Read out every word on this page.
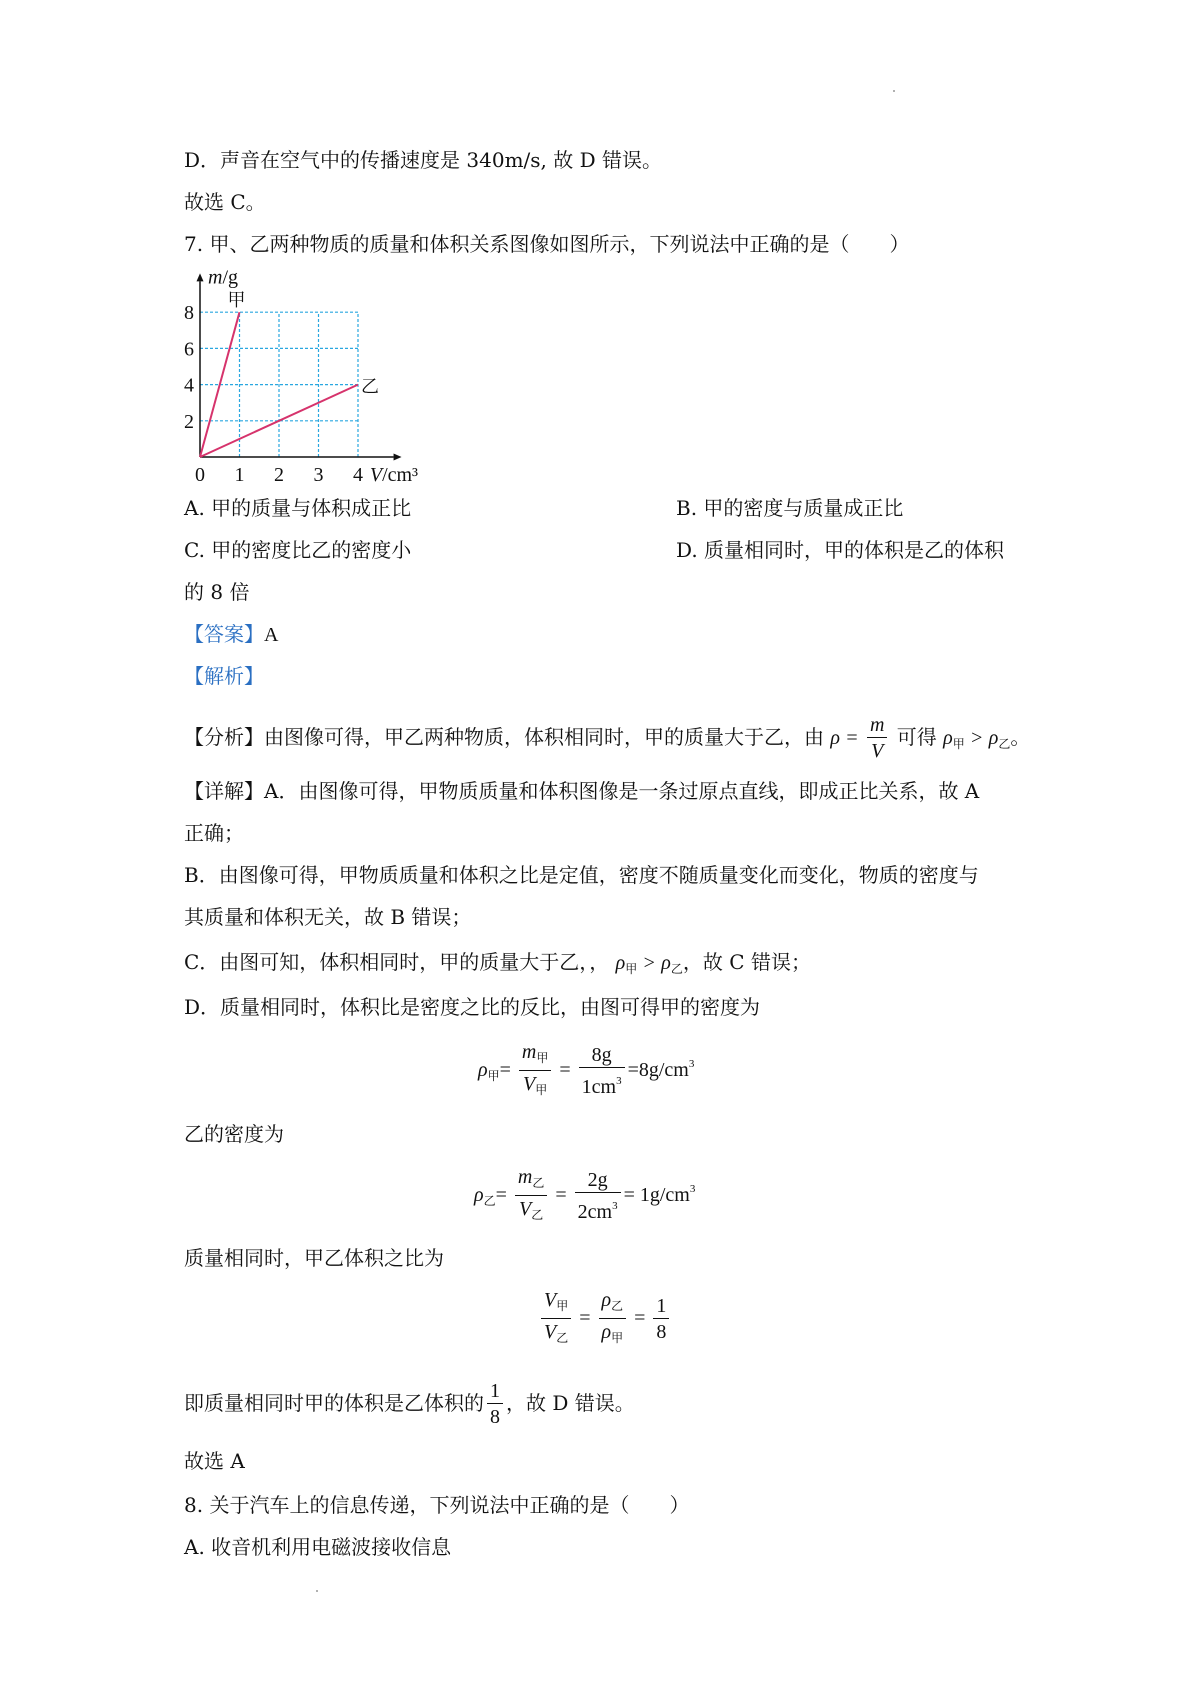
D．声音在空气中的传播速度是 340m/s, 故 D 错误。
故选 C。
7. 甲、乙两种物质的质量和体积关系图像如图所示，下列说法中正确的是（　　）
0 1 2 3 4
2
4
6
8
甲
乙
m/g
V/cm³
A. 甲的质量与体积成正比	B. 甲的密度与质量成正比
C. 甲的密度比乙的密度小	D. 质量相同时，甲的体积是乙的体积
的 8 倍
【答案】A
【解析】
【分析】由图像可得，甲乙两种物质，体积相同时，甲的质量大于乙，由 $\rho = \frac{m}{V}$ 可得 $\rho_甲 > \rho_乙$。
【详解】A．由图像可得，甲物质质量和体积图像是一条过原点直线，即成正比关系，故 A
正确；
B．由图像可得，甲物质质量和体积之比是定值，密度不随质量变化而变化，物质的密度与
其质量和体积无关，故 B 错误；
C．由图可知，体积相同时，甲的质量大于乙，， $\rho_甲 > \rho_乙$，故 C 错误；
D．质量相同时，体积比是密度之比的反比，由图可得甲的密度为
$\rho_甲= \frac{m_甲}{V_甲} = \frac{8g}{1cm^3} =8g/cm^3$
乙的密度为
$\rho_乙= \frac{m_乙}{V_乙} = \frac{2g}{2cm^3} = 1g/cm^3$
质量相同时，甲乙体积之比为
$\frac{V_甲}{V_乙} = \frac{\rho_乙}{\rho_甲} = \frac{1}{8}$
即质量相同时甲的体积是乙体积的 $\frac{1}{8}$ ，故 D 错误。
故选 A
8. 关于汽车上的信息传递，下列说法中正确的是（　　）
A. 收音机利用电磁波接收信息
